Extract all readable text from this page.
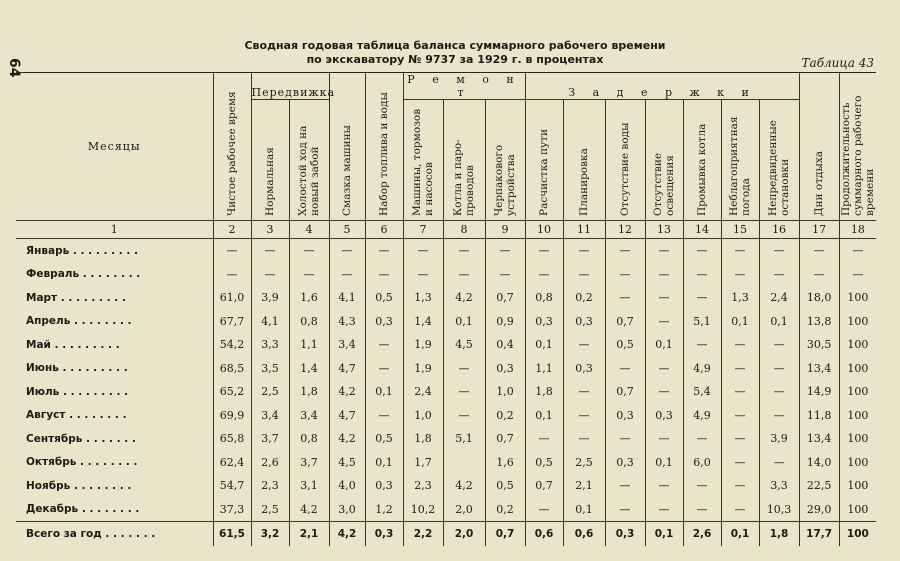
64
Сводная годовая таблица баланса суммарного рабочего времени
по экскаватору № 9737 за 1929 г. в процентах	Таблица 43
Месяцы	Чистое рабочее время	Передвижка		Смазка машины	Набор топлива и воды	Р е м о н т			З а д е р ж к и							Дни отдыха	Продолжительность суммарного рабочего времени

		Нормальная	Холостой ход на новый забой			Машины, тормозов и насосов	Котла и паро-проводов	Черпакового устройства	Расчистка пути	Планировка	Отсутствие воды	Отсутствие освещения	Промывка котла	Неблагоприятная погода	Непредвиденные остановки		

1	2	3	4	5	6	7	8	9	10	11	12	13	14	15	16	17	18
Январь . . . . . . . . .	—	—	—	—	—	—	—	—	—	—	—	—	—	—	—	—	—
Февраль . . . . . . . .	—	—	—	—	—	—	—	—	—	—	—	—	—	—	—	—	—
Март . . . . . . . . .	61,0	3,9	1,6	4,1	0,5	1,3	4,2	0,7	0,8	0,2	—	—	—	1,3	2,4	18,0	100
Апрель . . . . . . . .	67,7	4,1	0,8	4,3	0,3	1,4	0,1	0,9	0,3	0,3	0,7	—	5,1	0,1	0,1	13,8	100
Май . . . . . . . . .	54,2	3,3	1,1	3,4	—	1,9	4,5	0,4	0,1	—	0,5	0,1	—	—	—	30,5	100
Июнь . . . . . . . . .	68,5	3,5	1,4	4,7	—	1,9	—	0,3	1,1	0,3	—	—	4,9	—	—	13,4	100
Июль . . . . . . . . .	65,2	2,5	1,8	4,2	0,1	2,4	—	1,0	1,8	—	0,7	—	5,4	—	—	14,9	100
Август . . . . . . . .	69,9	3,4	3,4	4,7	—	1,0	—	0,2	0,1	—	0,3	0,3	4,9	—	—	11,8	100
Сентябрь . . . . . . .	65,8	3,7	0,8	4,2	0,5	1,8	5,1	0,7	—	—	—	—	—	—	3,9	13,4	100
Октябрь . . . . . . . .	62,4	2,6	3,7	4,5	0,1	1,7		1,6	0,5	2,5	0,3	0,1	6,0	—	—	14,0	100
Ноябрь . . . . . . . .	54,7	2,3	3,1	4,0	0,3	2,3	4,2	0,5	0,7	2,1	—	—	—	—	3,3	22,5	100
Декабрь . . . . . . . .	37,3	2,5	4,2	3,0	1,2	10,2	2,0	0,2	—	0,1	—	—	—	—	10,3	29,0	100
Всего за год . . . . . . .	61,5	3,2	2,1	4,2	0,3	2,2	2,0	0,7	0,6	0,6	0,3	0,1	2,6	0,1	1,8	17,7	100
